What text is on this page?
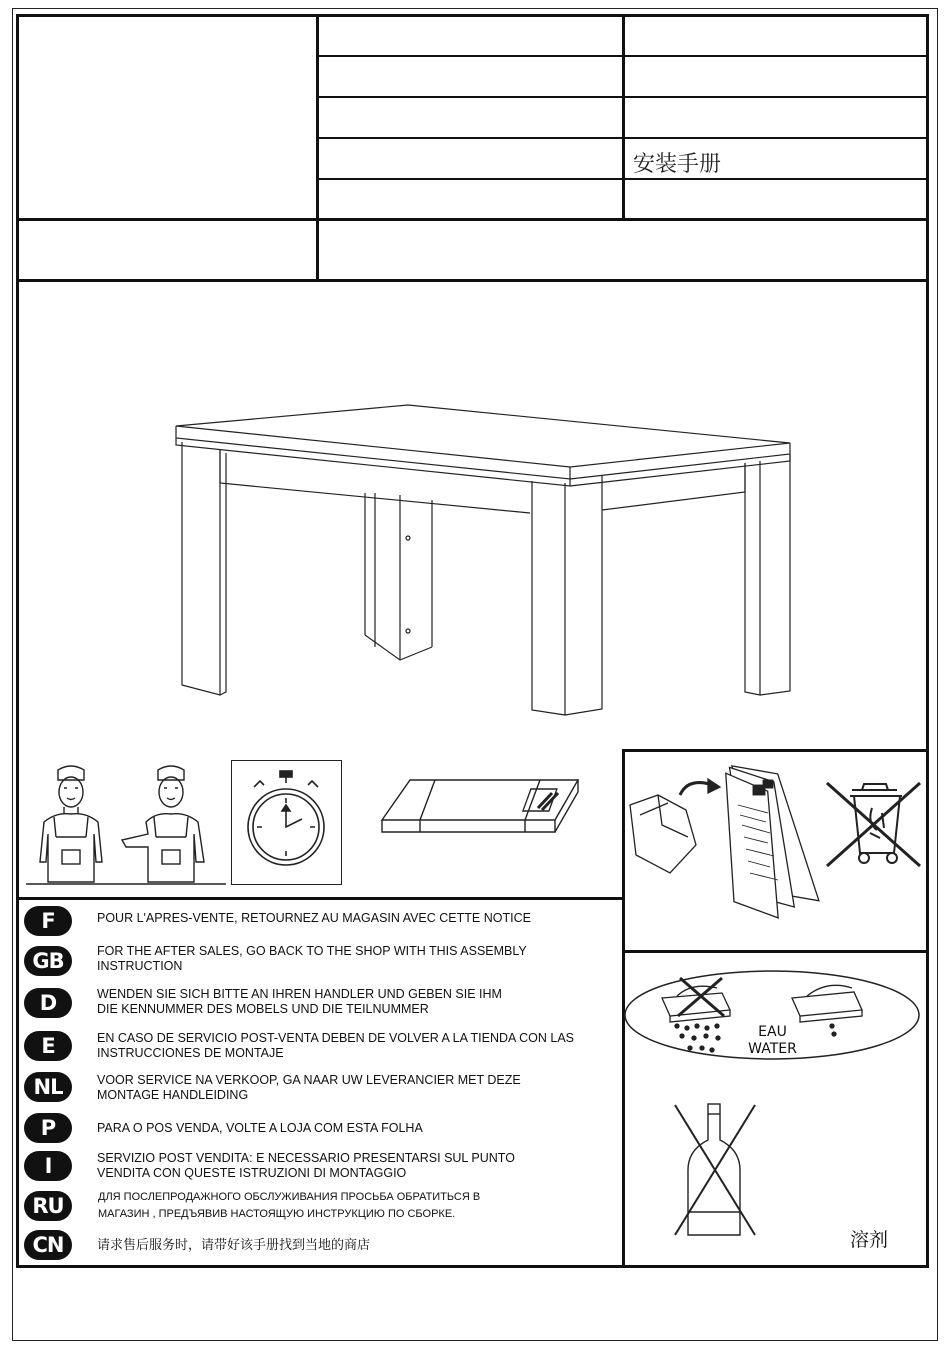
安装手册
EAU
WATER
溶剂
F	POUR L'APRES-VENTE, RETOURNEZ AU MAGASIN AVEC CETTE NOTICE
GB	FOR THE AFTER SALES, GO BACK TO THE SHOP WITH THIS ASSEMBLY INSTRUCTION
D	WENDEN SIE SICH BITTE AN IHREN HANDLER UND GEBEN SIE IHM DIE KENNUMMER DES MOBELS UND DIE TEILNUMMER
E	EN CASO DE SERVICIO POST-VENTA DEBEN DE VOLVER A LA TIENDA CON LAS INSTRUCCIONES DE MONTAJE
NL	VOOR SERVICE NA VERKOOP, GA NAAR UW LEVERANCIER MET DEZE MONTAGE HANDLEIDING
P	PARA O POS VENDA, VOLTE A LOJA COM ESTA FOLHA
I	SERVIZIO POST VENDITA: E NECESSARIO PRESENTARSI SUL PUNTO VENDITA CON QUESTE ISTRUZIONI DI MONTAGGIO
RU	ДЛЯ ПОСЛЕПРОДАЖНОГО ОБСЛУЖИВАНИЯ ПРОСЬБА ОБРАТИТЬСЯ В МАГАЗИН , ПРЕДЪЯВИВ НАСТОЯЩУЮ ИНСТРУКЦИЮ ПО СБОРКЕ.
CN	请求售后服务时，请带好该手册找到当地的商店
